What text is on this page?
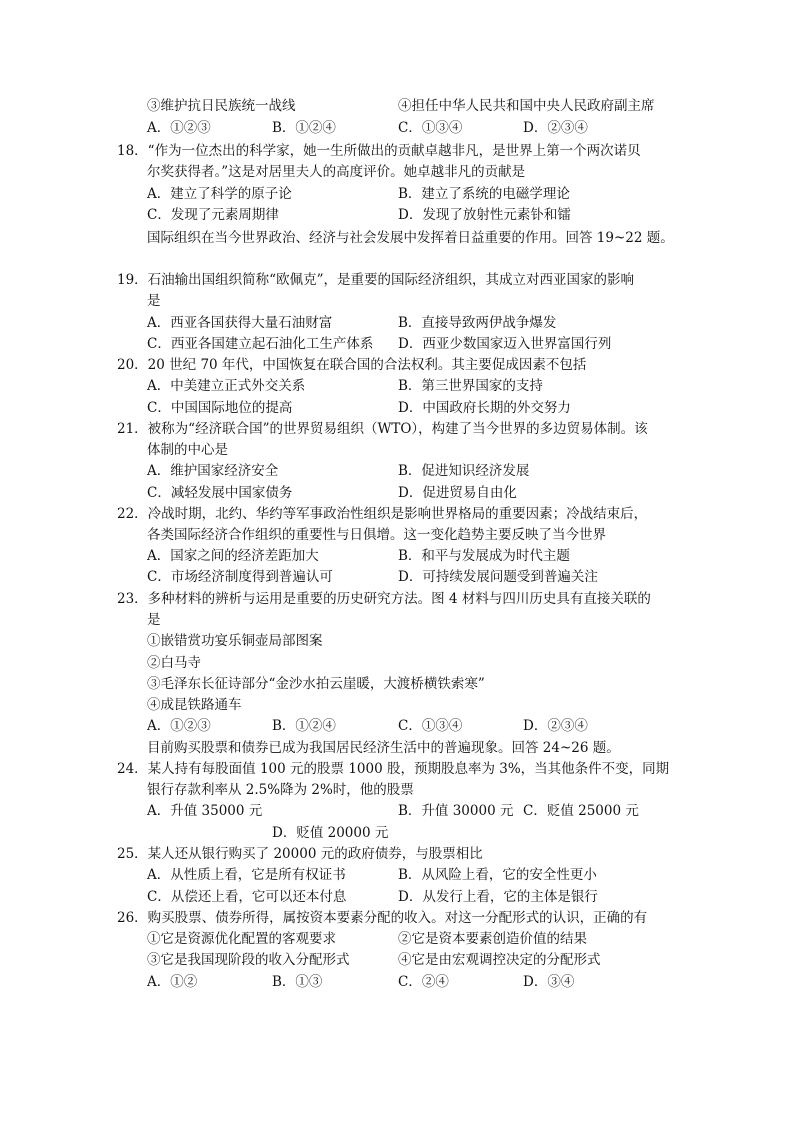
③维护抗日民族统一战线	④担任中华人民共和国中央人民政府副主席
A．①②③	B．①②④	C．①③④	D．②③④
18．“作为一位杰出的科学家，她一生所做出的贡献卓越非凡，是世界上第一个两次诺贝
尔奖获得者。”这是对居里夫人的高度评价。她卓越非凡的贡献是
A．建立了科学的原子论	B．建立了系统的电磁学理论
C．发现了元素周期律	D．发现了放射性元素钋和镭
国际组织在当今世界政治、经济与社会发展中发挥着日益重要的作用。回答 19~22 题。
19．石油输出国组织简称“欧佩克”，是重要的国际经济组织，其成立对西亚国家的影响
是
A．西亚各国获得大量石油财富	B．直接导致两伊战争爆发
C．西亚各国建立起石油化工生产体系 D．西亚少数国家迈入世界富国行列
20．20 世纪 70 年代，中国恢复在联合国的合法权利。其主要促成因素不包括
A．中美建立正式外交关系	B．第三世界国家的支持
C．中国国际地位的提高	D．中国政府长期的外交努力
21．被称为“经济联合国”的世界贸易组织（WTO），构建了当今世界的多边贸易体制。该
体制的中心是
A．维护国家经济安全	B．促进知识经济发展
C．减轻发展中国家债务	D．促进贸易自由化
22．冷战时期，北约、华约等军事政治性组织是影响世界格局的重要因素；冷战结束后，
各类国际经济合作组织的重要性与日俱增。这一变化趋势主要反映了当今世界
A．国家之间的经济差距加大	B．和平与发展成为时代主题
C．市场经济制度得到普遍认可	D．可持续发展问题受到普遍关注
23．多种材料的辨析与运用是重要的历史研究方法。图 4 材料与四川历史具有直接关联的
是
①嵌错赏功宴乐铜壶局部图案
②白马寺
③毛泽东长征诗部分“金沙水拍云崖暖，大渡桥横铁索寒”
④成昆铁路通车
A．①②③	B．①②④	C．①③④	D．②③④
目前购买股票和债券已成为我国居民经济生活中的普遍现象。回答 24~26 题。
24．某人持有每股面值 100 元的股票 1000 股，预期股息率为 3%，当其他条件不变，同期
银行存款利率从 2.5%降为 2%时，他的股票
A．升值 35000 元	B．升值 30000 元 C．贬值 25000 元
D．贬值 20000 元
25．某人还从银行购买了 20000 元的政府债券，与股票相比
A．从性质上看，它是所有权证书	B．从风险上看，它的安全性更小
C．从偿还上看，它可以还本付息	D．从发行上看，它的主体是银行
26．购买股票、债券所得，属按资本要素分配的收入。对这一分配形式的认识，正确的有
①它是资源优化配置的客观要求	②它是资本要素创造价值的结果
③它是我国现阶段的收入分配形式	④它是由宏观调控决定的分配形式
A．①②	B．①③	C．②④	D．③④
